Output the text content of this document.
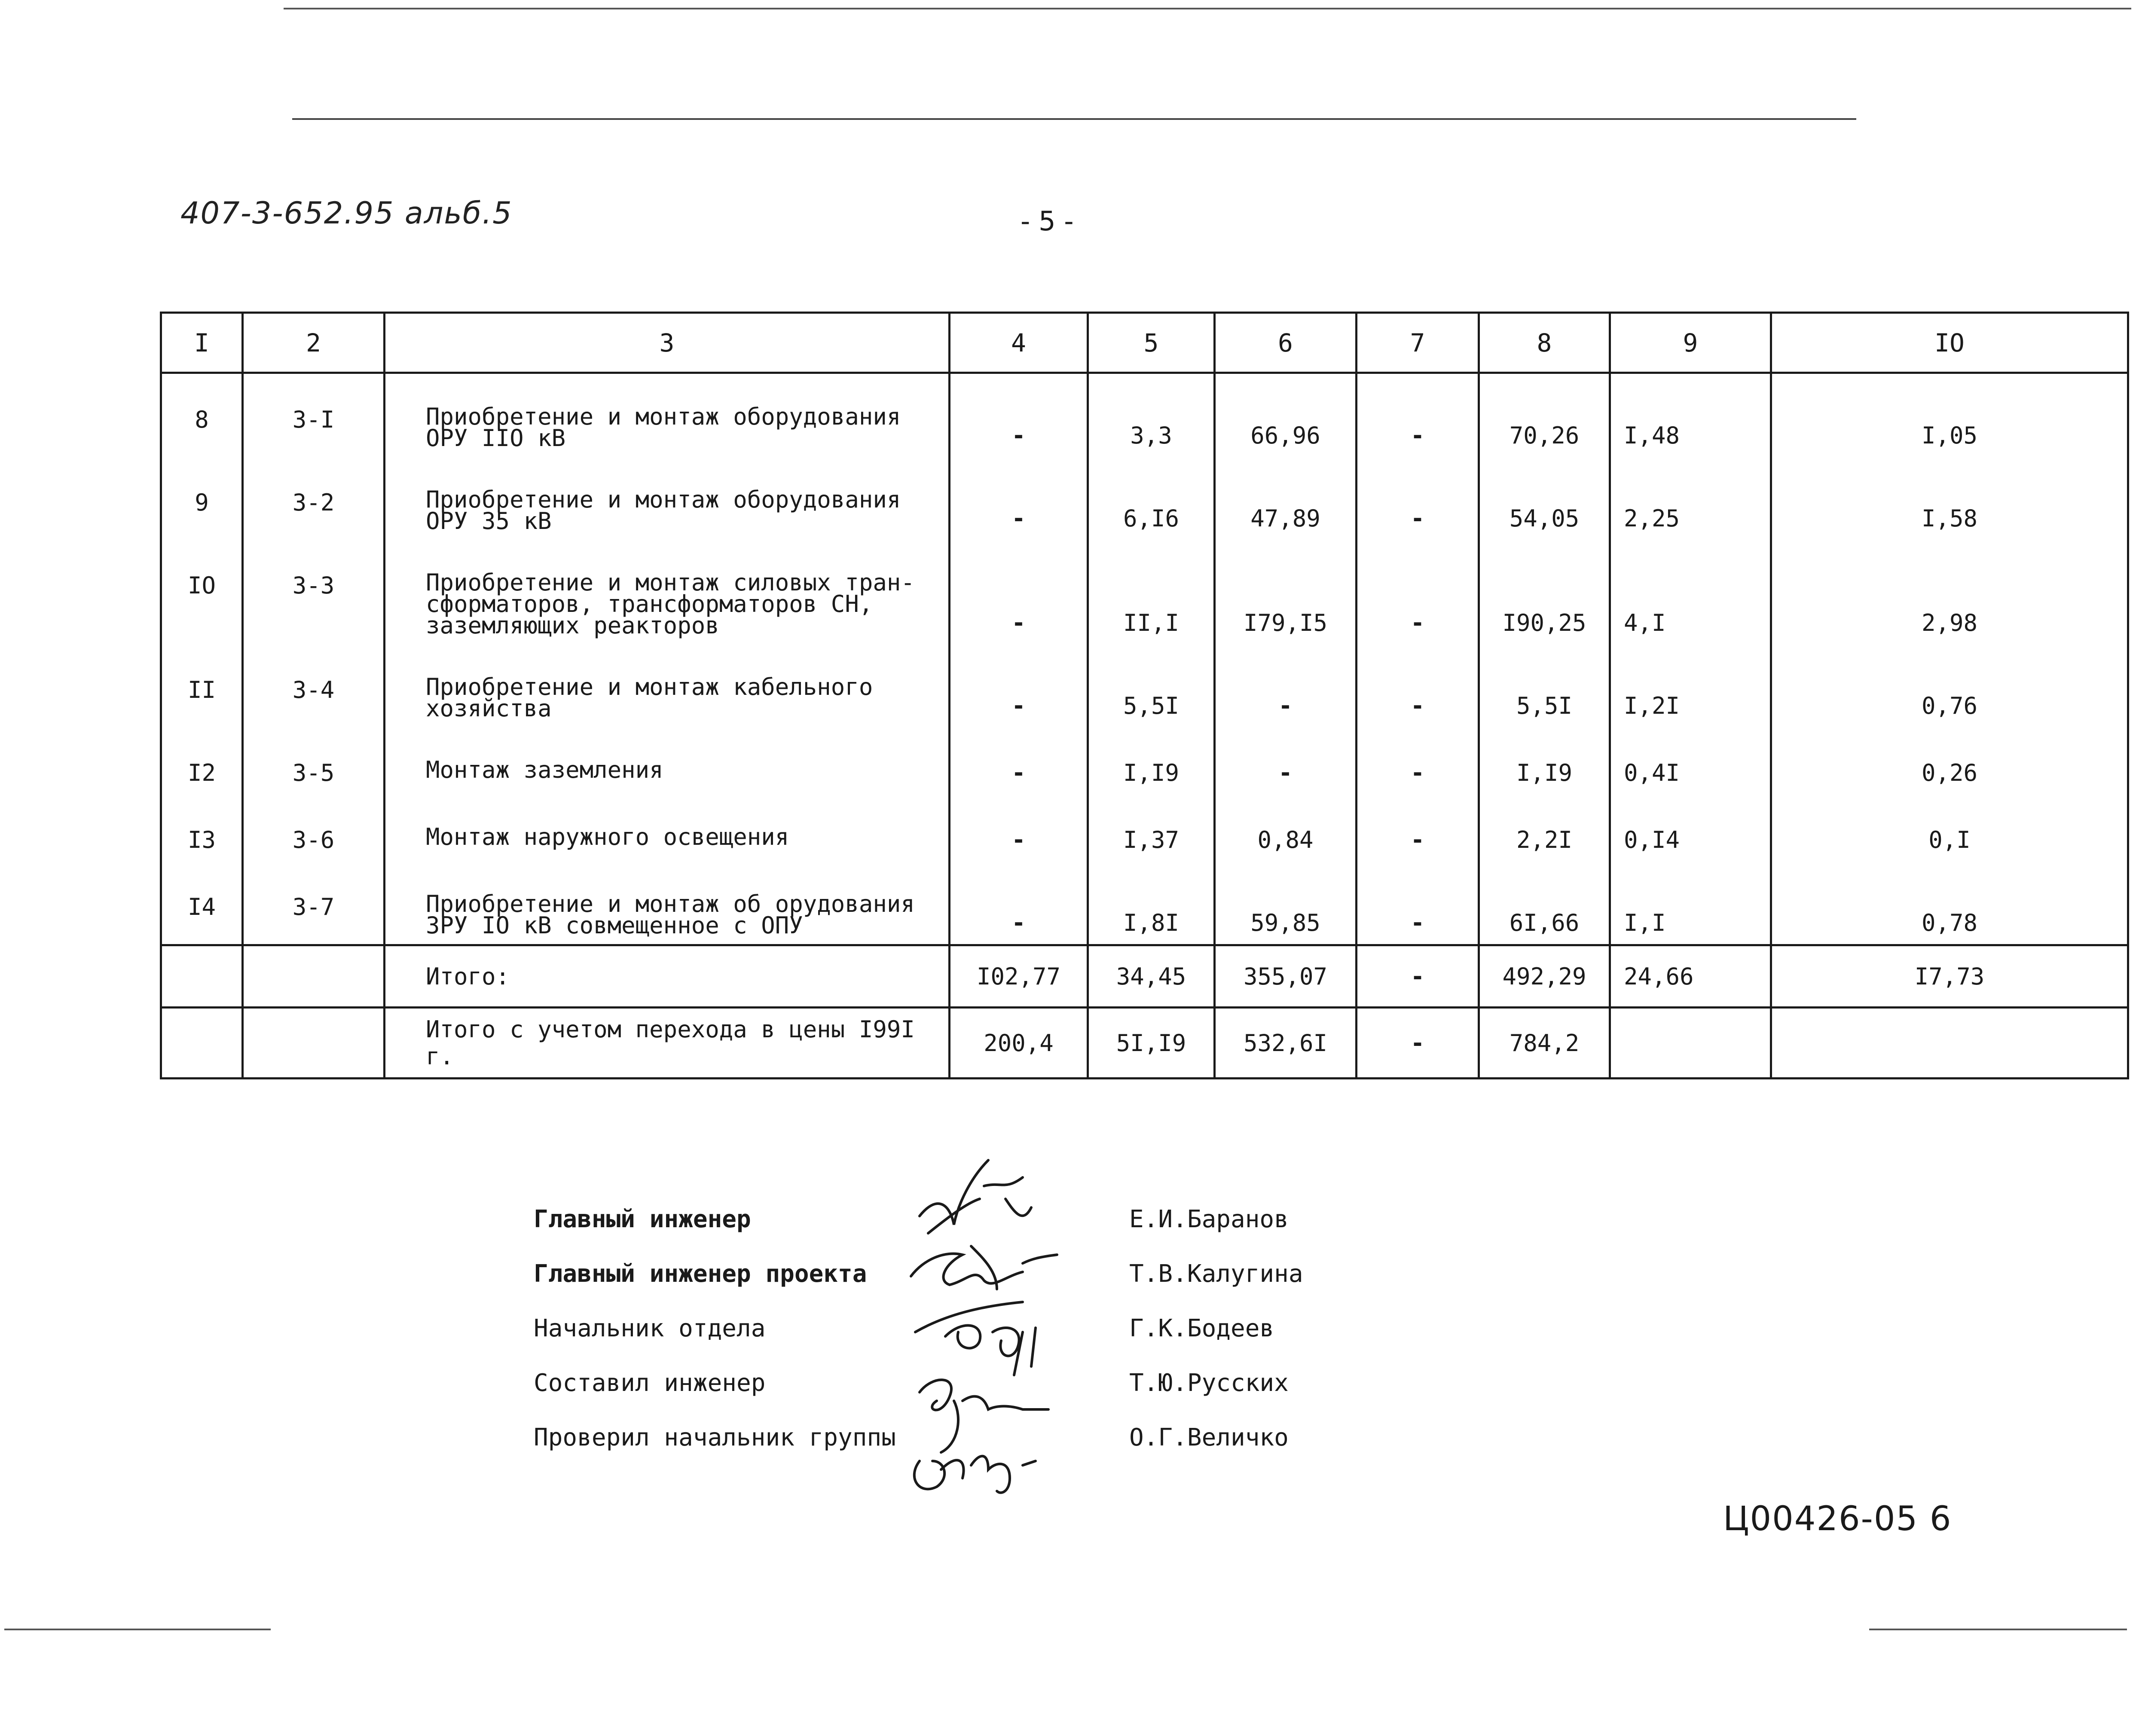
407-3-652.95 альб.5	- 5 -
I	2	3	4	5	6	7	8	9	IO
8	3-I	Приобретение и монтаж оборудования
ОРУ IIO кВ	-	3,3	66,96	-	70,26	I,48	I,05
9	3-2	Приобретение и монтаж оборудования
ОРУ 35 кВ	-	6,I6	47,89	-	54,05	2,25	I,58
IO	3-3	Приобретение и монтаж силовых тран-
сформаторов, трансформаторов СН,
заземляющих реакторов	-	II,I	I79,I5	-	I90,25	4,I	2,98
II	3-4	Приобретение и монтаж кабельного
хозяйства	-	5,5I	-	-	5,5I	I,2I	0,76
I2	3-5	Монтаж заземления	-	I,I9	-	-	I,I9	0,4I	0,26
I3	3-6	Монтаж наружного освещения	-	I,37	0,84	-	2,2I	0,I4	0,I
I4	3-7	Приобретение и монтаж об орудования
ЗРУ IO кВ совмещенное с ОПУ	-	I,8I	59,85	-	6I,66	I,I	0,78

		Итого:	I02,77	34,45	355,07	-	492,29	24,66	I7,73

		Итого с учетом перехода в цены I99I г.	200,4	5I,I9	532,6I	-	784,2		
Главный инженер	Е.И.Баранов
Главный инженер проекта	Т.В.Калугина
Начальник отдела	Г.К.Бодеев
Составил инженер	Т.Ю.Русских
Проверил начальник группы	О.Г.Величко
Ц00426-05 6
